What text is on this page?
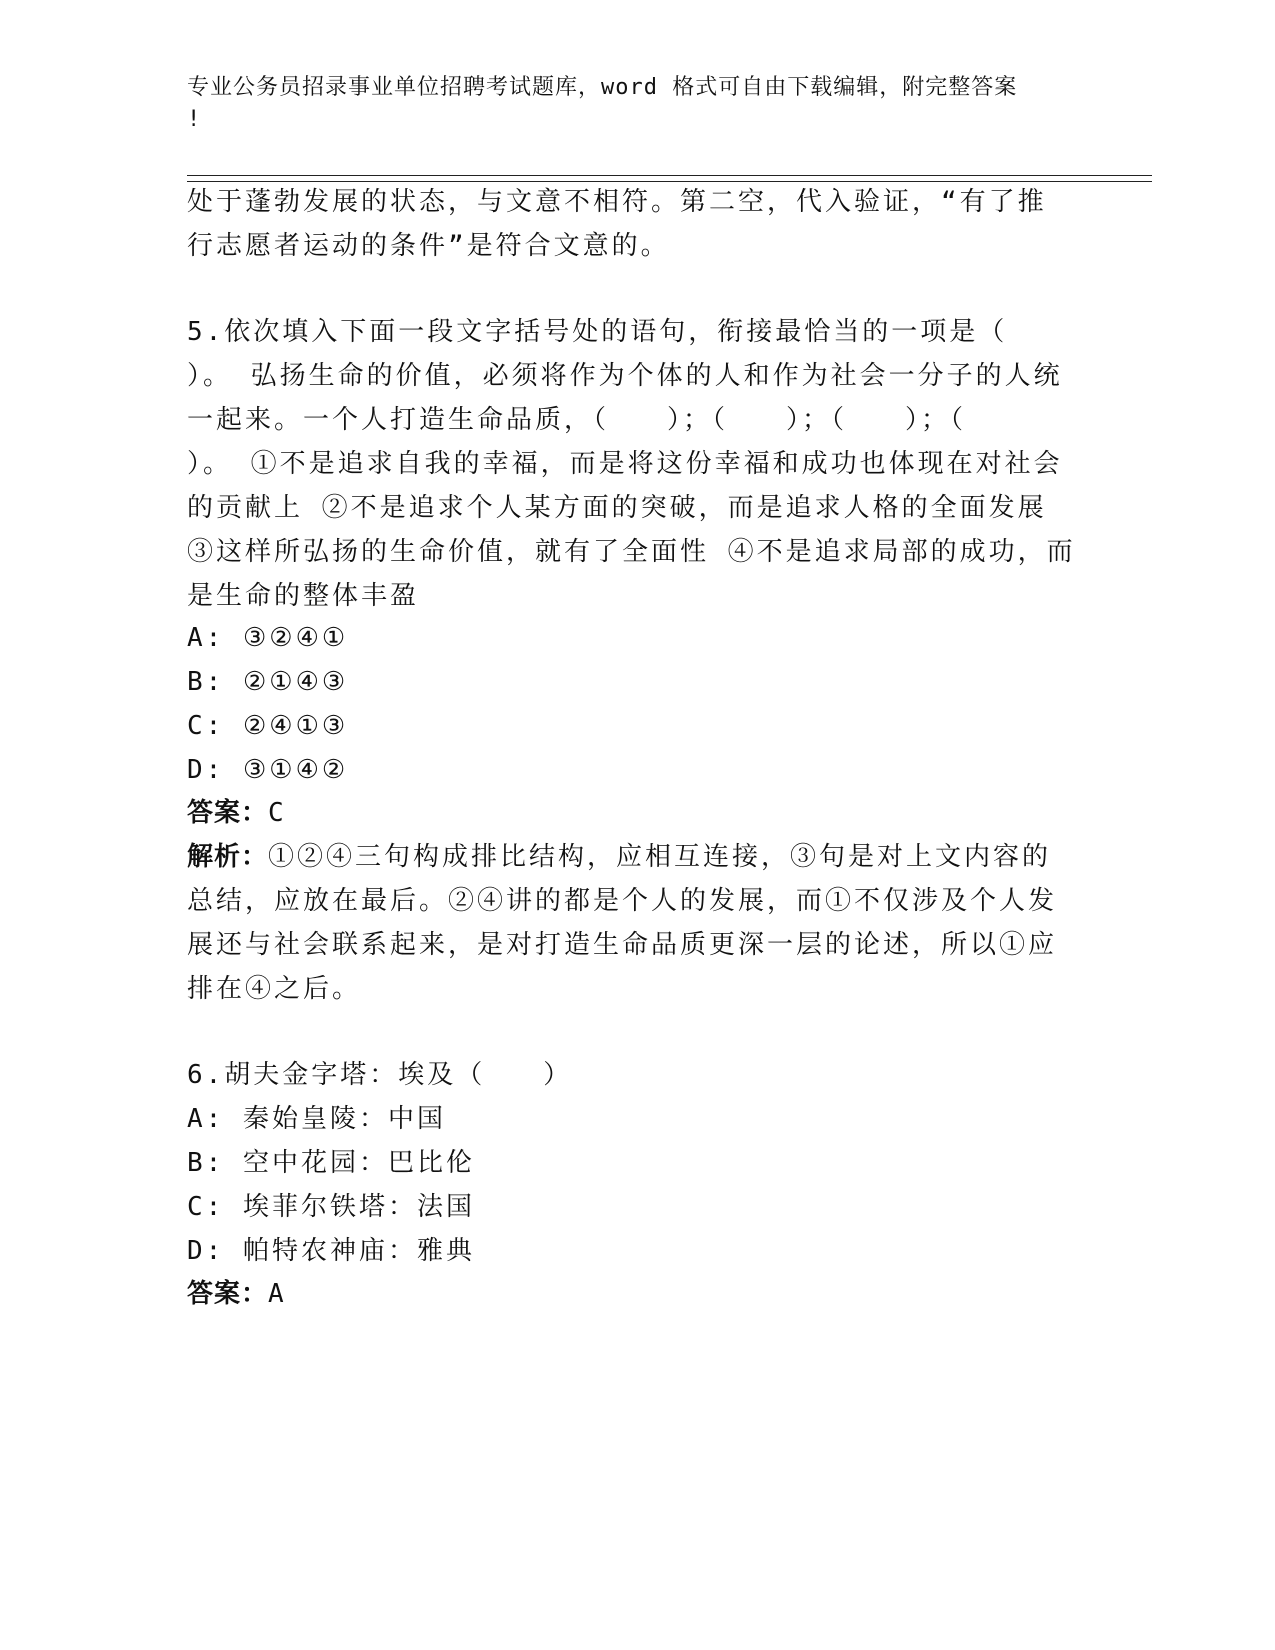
专业公务员招录事业单位招聘考试题库，word 格式可自由下载编辑，附完整答案
!
处于蓬勃发展的状态，与文意不相符。第二空，代入验证，“有了推
行志愿者运动的条件”是符合文意的。
5.依次填入下面一段文字括号处的语句，衔接最恰当的一项是（
）。 弘扬生命的价值，必须将作为个体的人和作为社会一分子的人统
一起来。一个人打造生命品质，（　　）；（　　）；（　　）；（
）。 ①不是追求自我的幸福，而是将这份幸福和成功也体现在对社会
的贡献上 ②不是追求个人某方面的突破，而是追求人格的全面发展
③这样所弘扬的生命价值，就有了全面性 ④不是追求局部的成功，而
是生命的整体丰盈
A: ③②④①
B: ②①④③
C: ②④①③
D: ③①④②
答案：C
解析：①②④三句构成排比结构，应相互连接，③句是对上文内容的
总结，应放在最后。②④讲的都是个人的发展，而①不仅涉及个人发
展还与社会联系起来，是对打造生命品质更深一层的论述，所以①应
排在④之后。
6.胡夫金字塔：埃及（　　）
A: 秦始皇陵：中国
B: 空中花园：巴比伦
C: 埃菲尔铁塔：法国
D: 帕特农神庙：雅典
答案：A
